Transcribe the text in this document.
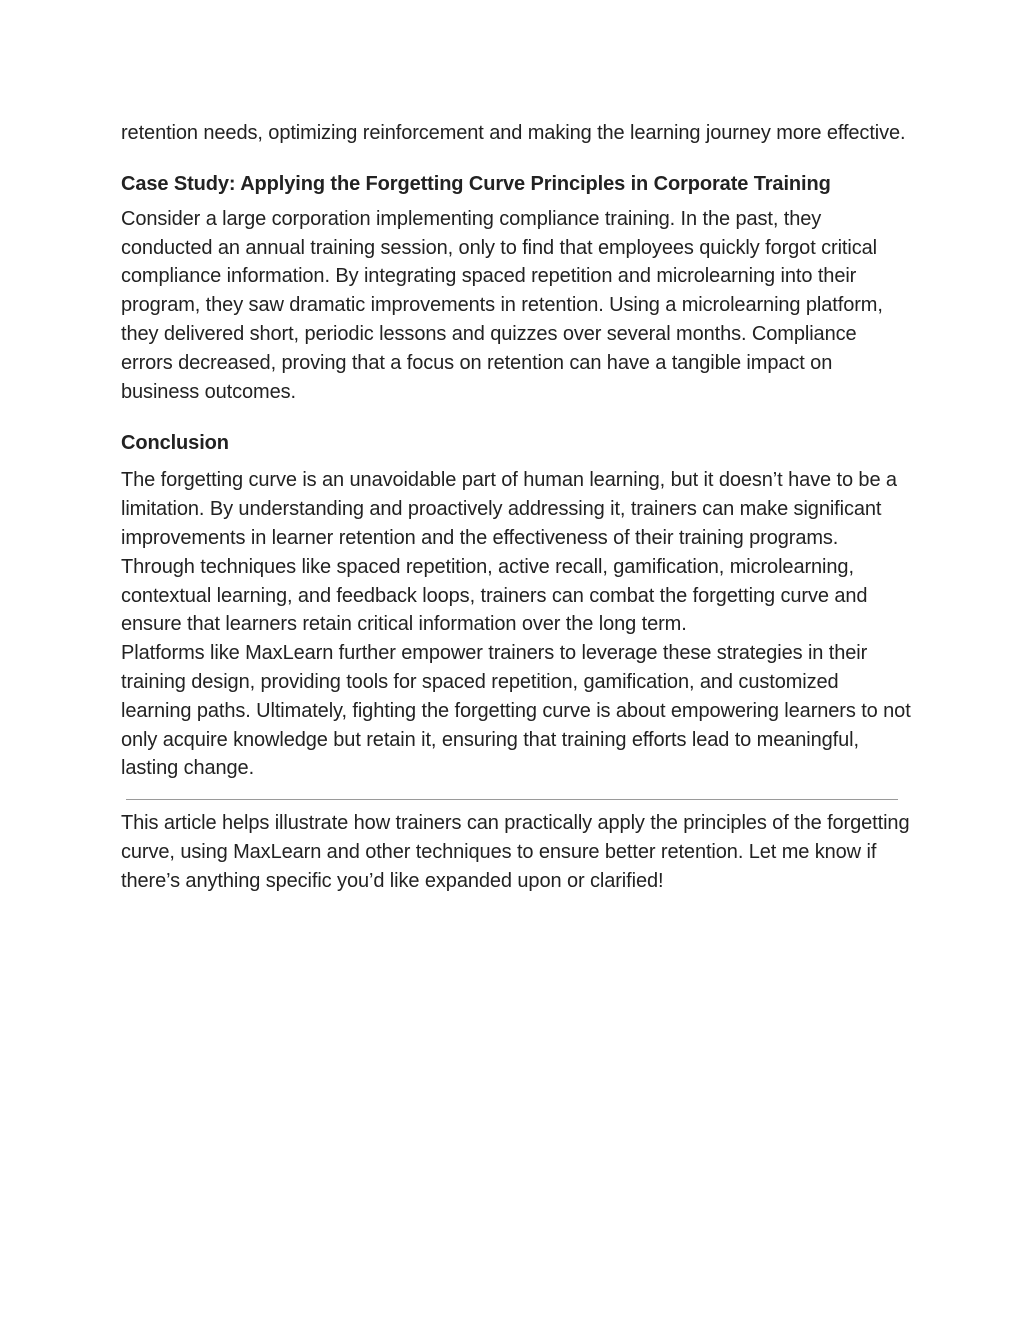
retention needs, optimizing reinforcement and making the learning journey more effective.

Case Study: Applying the Forgetting Curve Principles in Corporate Training

Consider a large corporation implementing compliance training. In the past, they conducted an annual training session, only to find that employees quickly forgot critical compliance information. By integrating spaced repetition and microlearning into their program, they saw dramatic improvements in retention. Using a microlearning platform, they delivered short, periodic lessons and quizzes over several months. Compliance errors decreased, proving that a focus on retention can have a tangible impact on business outcomes.

Conclusion

The forgetting curve is an unavoidable part of human learning, but it doesn’t have to be a limitation. By understanding and proactively addressing it, trainers can make significant improvements in learner retention and the effectiveness of their training programs. Through techniques like spaced repetition, active recall, gamification, microlearning, contextual learning, and feedback loops, trainers can combat the forgetting curve and ensure that learners retain critical information over the long term.

Platforms like MaxLearn further empower trainers to leverage these strategies in their training design, providing tools for spaced repetition, gamification, and customized learning paths. Ultimately, fighting the forgetting curve is about empowering learners to not only acquire knowledge but retain it, ensuring that training efforts lead to meaningful, lasting change.

This article helps illustrate how trainers can practically apply the principles of the forgetting curve, using MaxLearn and other techniques to ensure better retention. Let me know if there’s anything specific you’d like expanded upon or clarified!
